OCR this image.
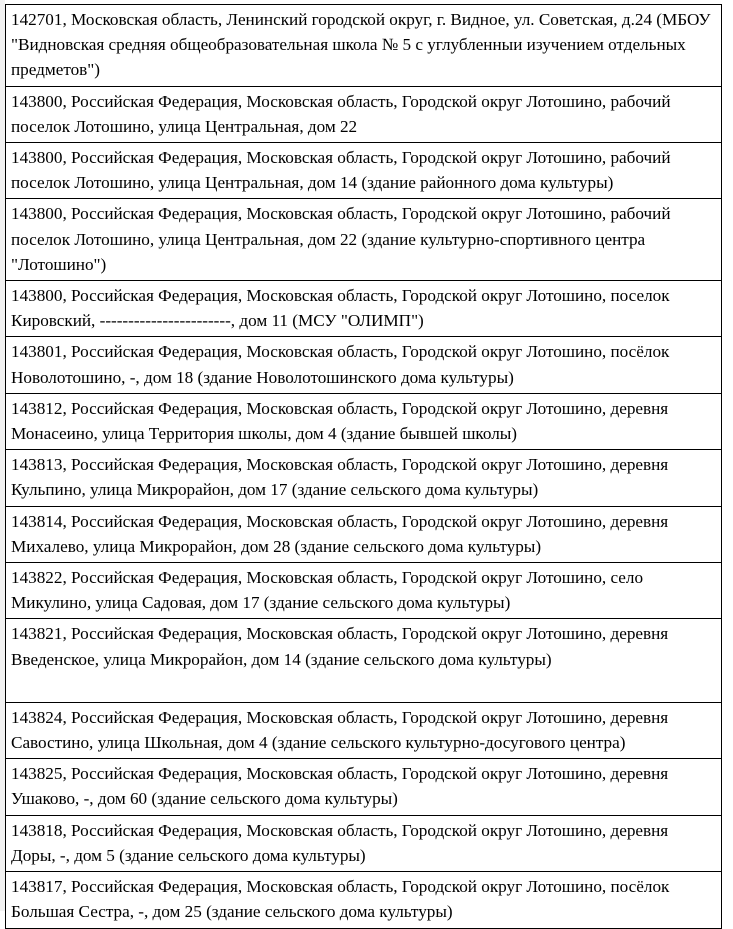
142701, Московская область, Ленинский городской округ, г. Видное, ул. Советская, д.24 (МБОУ "Видновская средняя общеобразовательная школа № 5 с углубленныи изучением отдельных предметов")
143800, Российская Федерация, Московская область, Городской округ Лотошино, рабочий поселок Лотошино, улица Центральная, дом 22
143800, Российская Федерация, Московская область, Городской округ Лотошино, рабочий поселок Лотошино, улица Центральная, дом 14 (здание районного дома культуры)
143800, Российская Федерация, Московская область, Городской округ Лотошино, рабочий поселок Лотошино, улица Центральная, дом 22 (здание культурно-спортивного центра "Лотошино")
143800, Российская Федерация, Московская область, Городской округ Лотошино, поселок Кировский, -----------------------, дом 11 (МСУ "ОЛИМП")
143801, Российская Федерация, Московская область, Городской округ Лотошино, посёлок Новолотошино, -, дом 18 (здание Новолотошинского дома культуры)
143812, Российская Федерация, Московская область, Городской округ Лотошино, деревня Монасеино, улица Территория школы, дом 4 (здание бывшей школы)
143813, Российская Федерация, Московская область, Городской округ Лотошино, деревня Кульпино, улица Микрорайон, дом 17 (здание сельского дома культуры)
143814, Российская Федерация, Московская область, Городской округ Лотошино, деревня Михалево, улица Микрорайон, дом 28 (здание сельского дома культуры)
143822, Российская Федерация, Московская область, Городской округ Лотошино, село Микулино, улица Садовая, дом 17 (здание сельского дома культуры)
143821, Российская Федерация, Московская область, Городской округ Лотошино, деревня Введенское, улица Микрорайон, дом 14 (здание сельского дома культуры)
143824, Российская Федерация, Московская область, Городской округ Лотошино, деревня Савостино, улица Школьная, дом 4 (здание сельского культурно-досугового центра)
143825, Российская Федерация, Московская область, Городской округ Лотошино, деревня Ушаково, -, дом 60 (здание сельского дома культуры)
143818, Российская Федерация, Московская область, Городской округ Лотошино, деревня Доры, -, дом 5 (здание сельского дома культуры)
143817, Российская Федерация, Московская область, Городской округ Лотошино, посёлок Большая Сестра, -, дом 25 (здание сельского дома культуры)
